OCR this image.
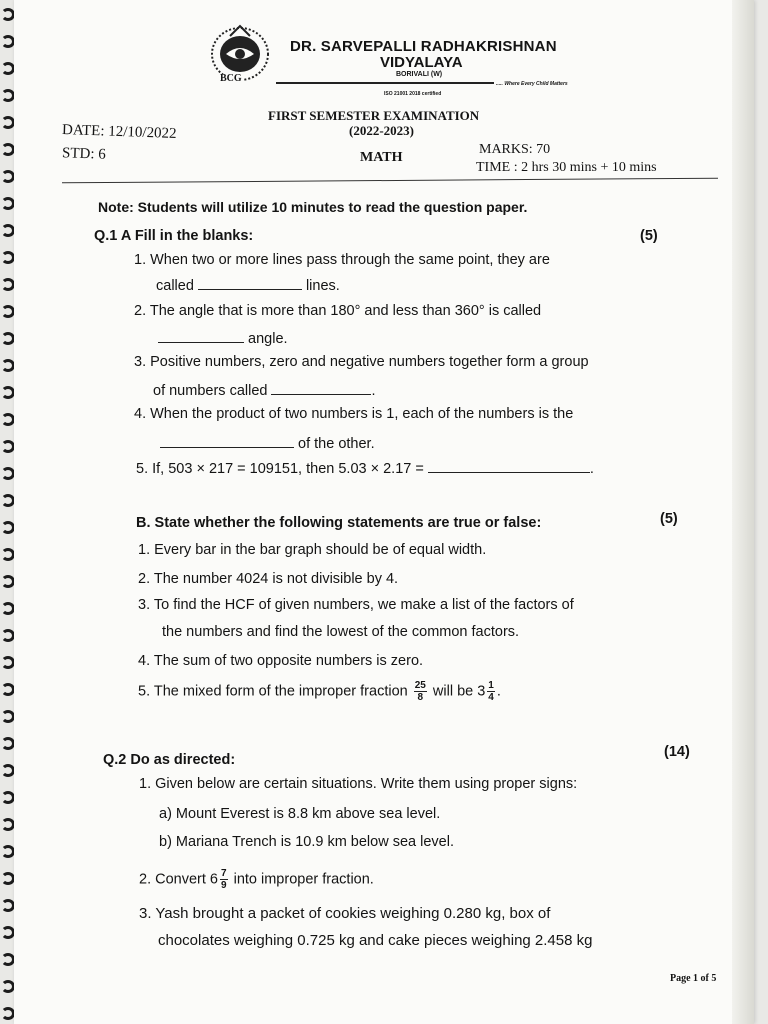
BCG
DR. SARVEPALLI RADHAKRISHNAN
VIDYALAYA
BORIVALI (W)
..... Where Every Child Matters
ISO 21001 2018 certified
FIRST SEMESTER EXAMINATION
(2022-2023)
DATE: 12/10/2022
STD: 6	MATH
MARKS: 70
TIME : 2 hrs 30 mins + 10 mins
Note: Students will utilize 10 minutes to read the question paper.
Q.1 A Fill in the blanks:	(5)
1. When two or more lines pass through the same point, they are
called	lines.
2. The angle that is more than 180° and less than 360° is called
angle.
3. Positive numbers, zero and negative numbers together form a group
of numbers called	.
4. When the product of two numbers is 1, each of the numbers is the
of the other.
5. If, 503 × 217 = 109151, then 5.03 × 2.17 =	.
B. State whether the following statements are true or false:	(5)
1. Every bar in the bar graph should be of equal width.
2. The number 4024 is not divisible by 4.
3. To find the HCF of given numbers, we make a list of the factors of
the numbers and find the lowest of the common factors.
4. The sum of two opposite numbers is zero.
5. The mixed form of the improper fraction $\frac{25}{8}$ will be $3 \frac{1}{4}$ .
Q.2 Do as directed:	(14)
1. Given below are certain situations. Write them using proper signs:
a) Mount Everest is 8.8 km above sea level.
b) Mariana Trench is 10.9 km below sea level.
2. Convert $6 \frac{7}{9}$ into improper fraction.
3. Yash brought a packet of cookies weighing 0.280 kg, box of
chocolates weighing 0.725 kg and cake pieces weighing 2.458 kg
Page 1 of 5
